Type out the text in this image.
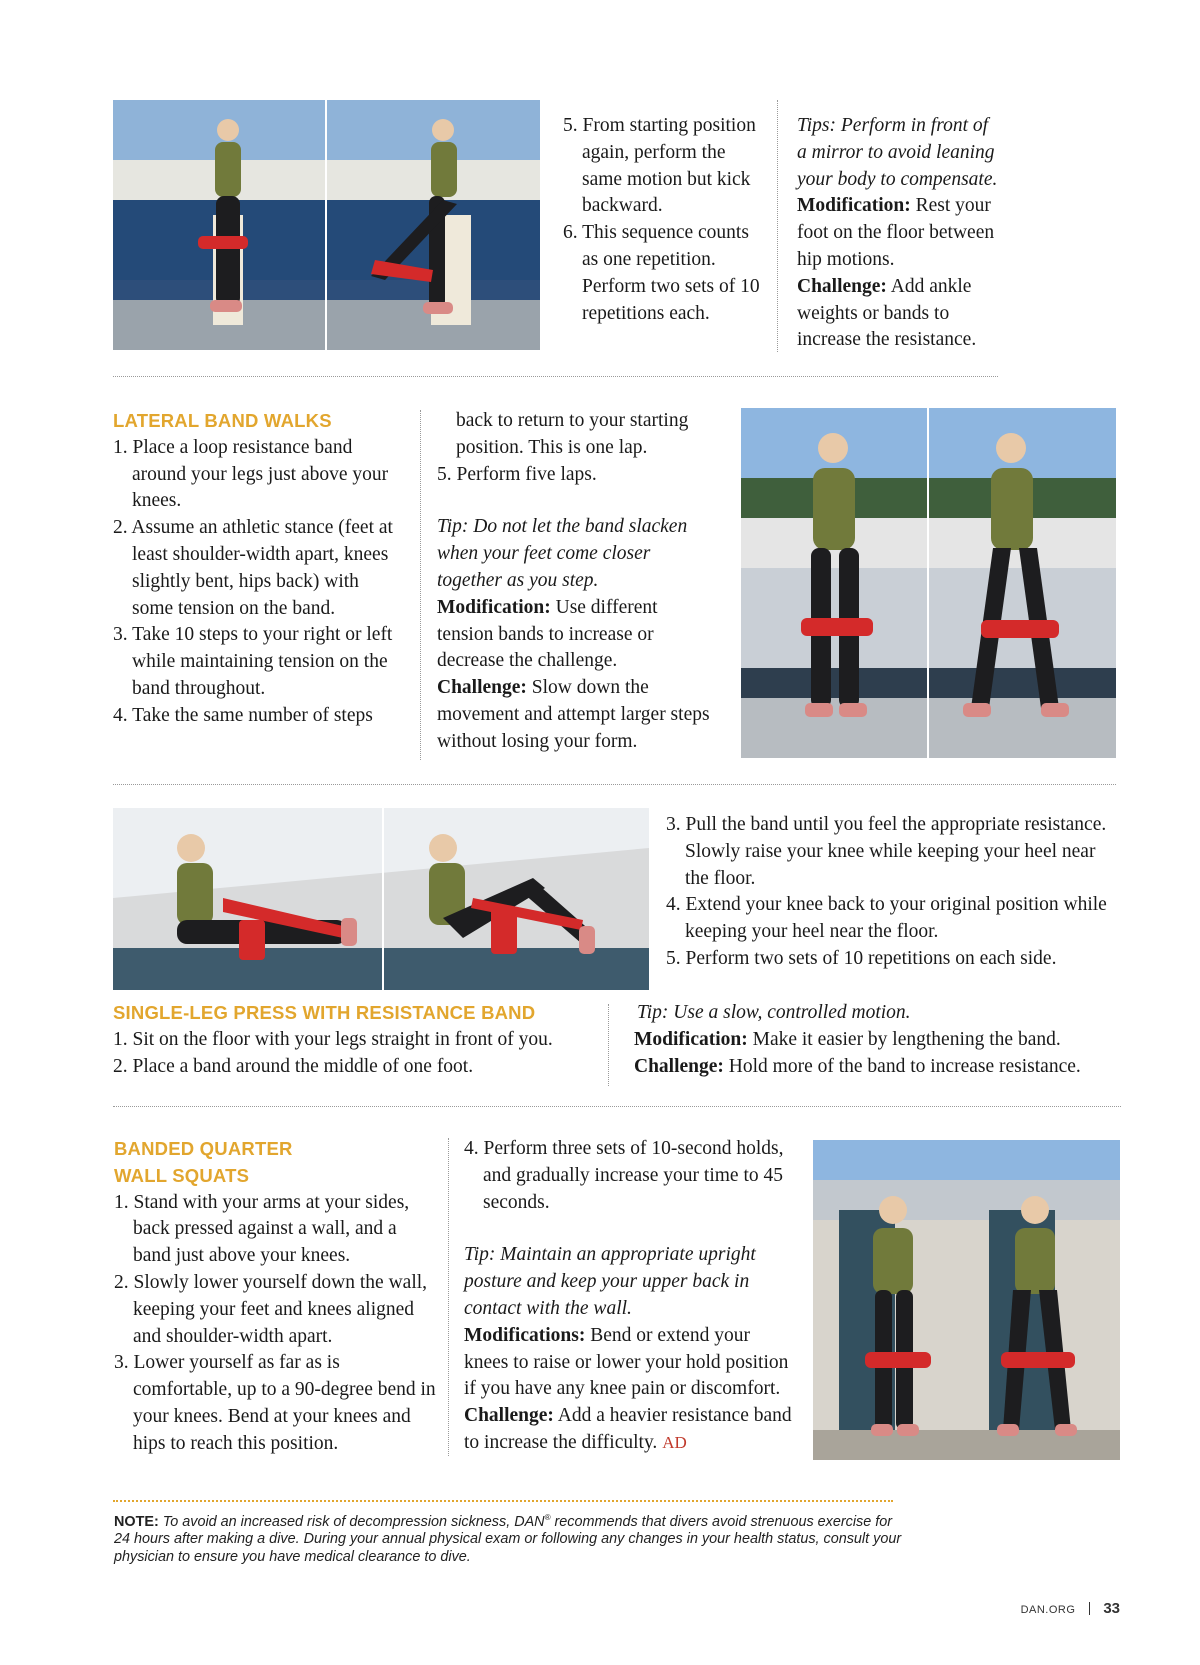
5. From starting position again, perform the same motion but kick backward.
6. This sequence counts as one repetition. Perform two sets of 10 repetitions each.

Tips: Perform in front of a mirror to avoid leaning your body to compensate.

Modification: Rest your foot on the floor between hip motions.

Challenge: Add ankle weights or bands to increase the resistance.

LATERAL BAND WALKS
1. Place a loop resistance band around your legs just above your knees.
2. Assume an athletic stance (feet at least shoulder-width apart, knees slightly bent, hips back) with some tension on the band.
3. Take 10 steps to your right or left while maintaining tension on the band throughout.
4. Take the same number of steps

back to return to your starting position. This is one lap.

5. Perform five laps.

Tip: Do not let the band slacken when your feet come closer together as you step.

Modification: Use different tension bands to increase or decrease the challenge.

Challenge: Slow down the movement and attempt larger steps without losing your form.

3. Pull the band until you feel the appropriate resistance. Slowly raise your knee while keeping your heel near the floor.
4. Extend your knee back to your original position while keeping your heel near the floor.
5. Perform two sets of 10 repetitions on each side.
SINGLE-LEG PRESS WITH RESISTANCE BAND
1. Sit on the floor with your legs straight in front of you.
2. Place a band around the middle of one foot.

Tip: Use a slow, controlled motion.

Modification: Make it easier by lengthening the band.

Challenge: Hold more of the band to increase resistance.

BANDED QUARTER
WALL SQUATS
1. Stand with your arms at your sides, back pressed against a wall, and a band just above your knees.
2. Slowly lower yourself down the wall, keeping your feet and knees aligned and shoulder-width apart.
3. Lower yourself as far as is comfortable, up to a 90-degree bend in your knees. Bend at your knees and hips to reach this position.
4. Perform three sets of 10-second holds, and gradually increase your time to 45 seconds.

Tip: Maintain an appropriate upright posture and keep your upper back in contact with the wall.

Modifications: Bend or extend your knees to raise or lower your hold position if you have any knee pain or discomfort.

Challenge: Add a heavier resistance band to increase the difficulty. AD

NOTE: To avoid an increased risk of decompression sickness, DAN® recommends that divers avoid strenuous exercise for 24 hours after making a dive. During your annual physical exam or following any changes in your health status, consult your physician to ensure you have medical clearance to dive.
DAN.ORG 33
